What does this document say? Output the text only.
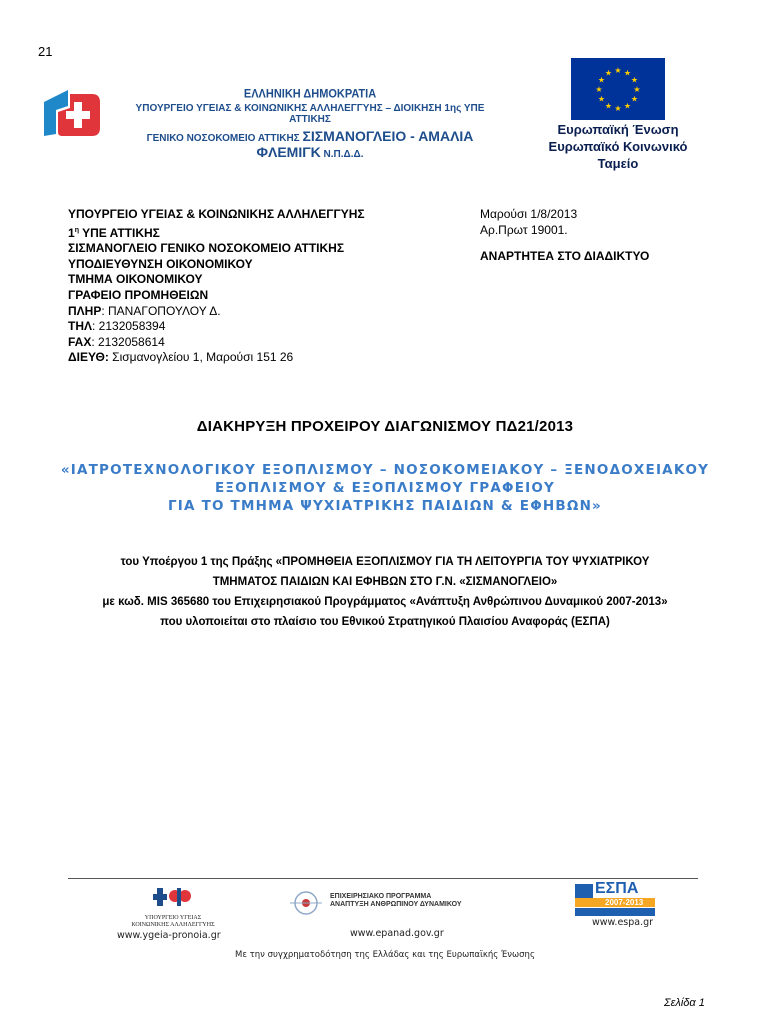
21
ΕΛΛΗΝΙΚΗ ΔΗΜΟΚΡΑΤΙΑ
ΥΠΟΥΡΓΕΙΟ ΥΓΕΙΑΣ & ΚΟΙΝΩΝΙΚΗΣ ΑΛΛΗΛΕΓΓΥΗΣ – ΔΙΟΙΚΗΣΗ 1ης ΥΠΕ ΑΤΤΙΚΗΣ
ΓΕΝΙΚΟ ΝΟΣΟΚΟΜΕΙΟ ΑΤΤΙΚΗΣ ΣΙΣΜΑΝΟΓΛΕΙΟ - ΑΜΑΛΙΑ ΦΛΕΜΙΓΚ Ν.Π.Δ.Δ.
★ ★
★
★
★
★
★
★
★
★
★
★
Ευρωπαϊκή Ένωση
Ευρωπαϊκό Κοινωνικό
Ταμείο
ΥΠΟΥΡΓΕΙΟ ΥΓΕΙΑΣ & ΚΟΙΝΩΝΙΚΗΣ ΑΛΛΗΛΕΓΓΥΗΣ
$1^\eta$ ΥΠΕ ΑΤΤΙΚΗΣ
ΣΙΣΜΑΝΟΓΛΕΙΟ ΓΕΝΙΚΟ ΝΟΣΟΚΟΜΕΙΟ ΑΤΤΙΚΗΣ
ΥΠΟΔΙΕΥΘΥΝΣΗ ΟΙΚΟΝΟΜΙΚΟΥ
ΤΜΗΜΑ ΟΙΚΟΝΟΜΙΚΟΥ
ΓΡΑΦΕΙΟ ΠΡΟΜΗΘΕΙΩΝ
ΠΛΗΡ: ΠΑΝΑΓΟΠΟΥΛΟΥ Δ.
ΤΗΛ: 2132058394
FAX: 2132058614
ΔΙΕΥΘ: Σισμανογλείου 1, Μαρούσι 151 26
Μαρούσι 1/8/2013
Αρ.Πρωτ 19001.
ΑΝΑΡΤΗΤΕΑ ΣΤΟ ΔΙΑΔΙΚΤΥΟ
ΔΙΑΚΗΡΥΞΗ ΠΡΟΧΕΙΡΟΥ ΔΙΑΓΩΝΙΣΜΟΥ ΠΔ21/2013
«ΙΑΤΡΟΤΕΧΝΟΛΟΓΙΚΟΥ ΕΞΟΠΛΙΣΜΟΥ – ΝΟΣΟΚΟΜΕΙΑΚΟΥ – ΞΕΝΟΔΟΧΕΙΑΚΟΥ
ΕΞΟΠΛΙΣΜΟΥ & ΕΞΟΠΛΙΣΜΟΥ ΓΡΑΦΕΙΟΥ
ΓΙΑ ΤΟ ΤΜΗΜΑ ΨΥΧΙΑΤΡΙΚΗΣ ΠΑΙΔΙΩΝ & ΕΦΗΒΩΝ»
του Υποέργου 1 της Πράξης «ΠΡΟΜΗΘΕΙΑ ΕΞΟΠΛΙΣΜΟΥ ΓΙΑ ΤΗ ΛΕΙΤΟΥΡΓΙΑ ΤΟΥ ΨΥΧΙΑΤΡΙΚΟΥ
ΤΜΗΜΑΤΟΣ ΠΑΙΔΙΩΝ ΚΑΙ ΕΦΗΒΩΝ ΣΤΟ Γ.Ν. «ΣΙΣΜΑΝΟΓΛΕΙΟ»
με κωδ. MIS 365680 του Επιχειρησιακού Προγράμματος «Ανάπτυξη Ανθρώπινου Δυναμικού 2007-2013»
που υλοποιείται στο πλαίσιο του Εθνικού Στρατηγικού Πλαισίου Αναφοράς (ΕΣΠΑ)
ΥΠΟΥΡΓΕΙΟ ΥΓΕΙΑΣ
ΚΟΙΝΩΝΙΚΗΣ ΑΛΛΗΛΕΓΓΥΗΣ
ΕΠΙΧΕΙΡΗΣΙΑΚΟ ΠΡΟΓΡΑΜΜΑ
ΑΝΑΠΤΥΞΗ ΑΝΘΡΩΠΙΝΟΥ ΔΥΝΑΜΙΚΟΥ
ΕΣΠΑ
2007-2013
www.ygeia-pronoia.gr	www.epanad.gov.gr
www.espa.gr
Με την συγχρηματοδότηση της Ελλάδας και της Ευρωπαϊκής Ένωσης
Σελίδα 1
